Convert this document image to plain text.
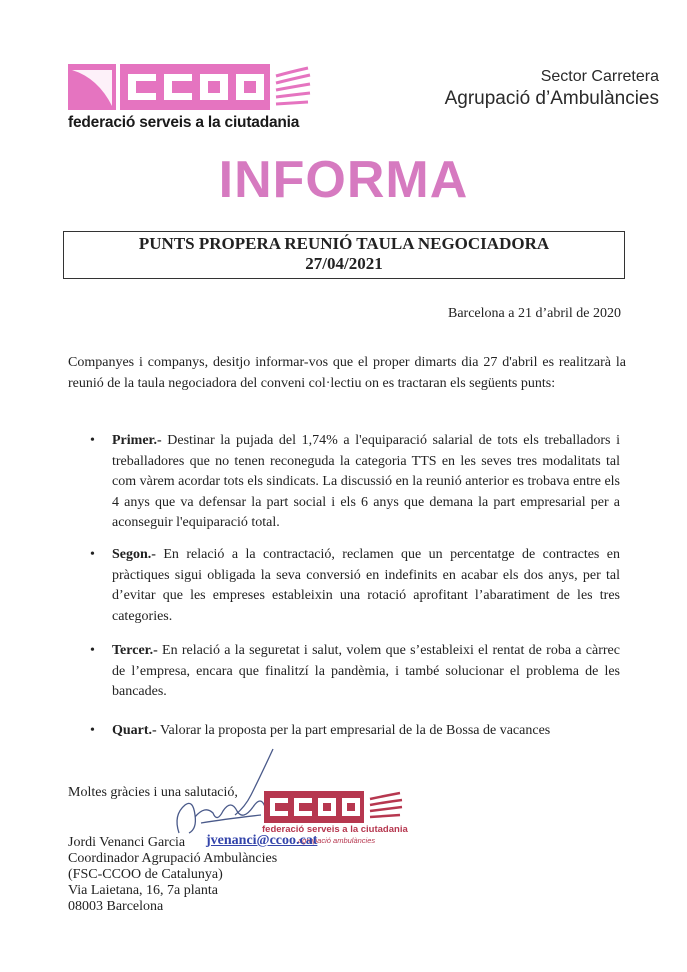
federació serveis a la ciutadania
Sector Carretera
Agrupació d’Ambulàncies
INFORMA
PUNTS PROPERA REUNIÓ TAULA NEGOCIADORA
27/04/2021
Barcelona a 21 d’abril de 2020
Companyes i companys, desitjo informar-vos que el proper dimarts dia 27 d'abril es realitzarà la reunió de la taula negociadora del conveni col·lectiu on es tractaran els següents punts:
• Primer.- Destinar la pujada del 1,74% a l'equiparació salarial de tots els treballadors i treballadores que no tenen reconeguda la categoria TTS en les seves tres modalitats tal com vàrem acordar tots els sindicats. La discussió en la reunió anterior es trobava entre els 4 anys que va defensar la part social i els 6 anys que demana la part empresarial per a aconseguir l'equiparació total.
• Segon.- En relació a la contractació, reclamen que un percentatge de contractes en pràctiques sigui obligada la seva conversió en indefinits en acabar els dos anys, per tal d’evitar que les empreses estableixin una rotació aprofitant l’abaratiment de les tres categories.
• Tercer.- En relació a la seguretat i salut, volem que s’estableixi el rentat de roba a càrrec de l’empresa, encara que finalitzí la pandèmia, i també solucionar el problema de les bancades.
• Quart.- Valorar la proposta per la part empresarial de la de Bossa de vacances
Moltes gràcies i una salutació,
federació serveis a la ciutadania
agrupació ambulàncies
Jordi Venanci Garcia
Coordinador Agrupació Ambulàncies
(FSC-CCOO de Catalunya)
Via Laietana, 16, 7a planta
08003 Barcelona
jvenanci@ccoo.cat
